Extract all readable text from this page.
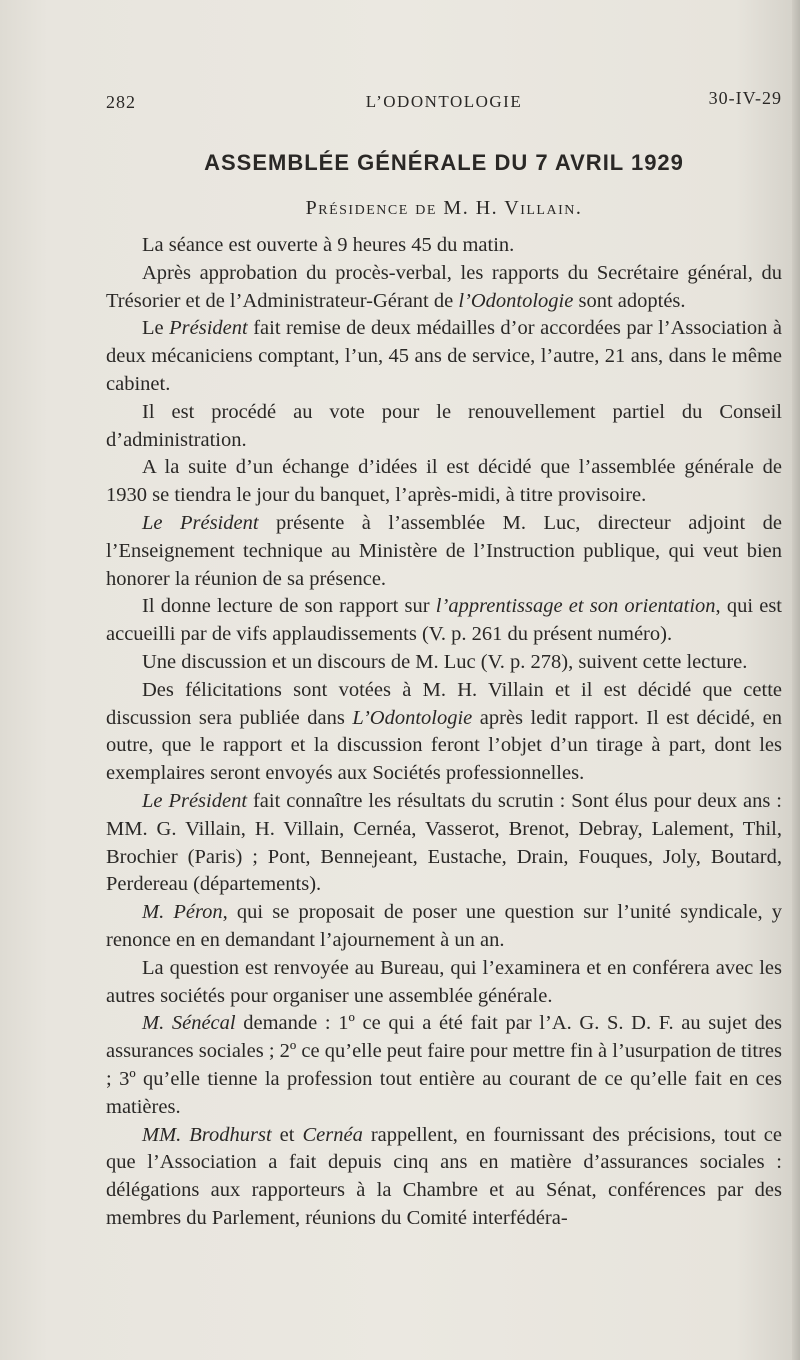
282	L’ODONTOLOGIE	30-IV-29
ASSEMBLÉE GÉNÉRALE DU 7 AVRIL 1929
Présidence de M. H. Villain.

La séance est ouverte à 9 heures 45 du matin.

Après approbation du procès-verbal, les rapports du Secrétaire général, du Trésorier et de l’Administrateur-Gérant de l’Odontologie sont adoptés.

Le Président fait remise de deux médailles d’or accordées par l’Association à deux mécaniciens comptant, l’un, 45 ans de service, l’autre, 21 ans, dans le même cabinet.

Il est procédé au vote pour le renouvellement partiel du Conseil d’administration.

A la suite d’un échange d’idées il est décidé que l’assemblée générale de 1930 se tiendra le jour du banquet, l’après-midi, à titre provisoire.

Le Président présente à l’assemblée M. Luc, directeur adjoint de l’Enseignement technique au Ministère de l’Instruction publique, qui veut bien honorer la réunion de sa présence.

Il donne lecture de son rapport sur l’apprentissage et son orientation, qui est accueilli par de vifs applaudissements (V. p. 261 du présent numéro).

Une discussion et un discours de M. Luc (V. p. 278), suivent cette lecture.

Des félicitations sont votées à M. H. Villain et il est décidé que cette discussion sera publiée dans L’Odontologie après ledit rapport. Il est décidé, en outre, que le rapport et la discussion feront l’objet d’un tirage à part, dont les exemplaires seront envoyés aux Sociétés professionnelles.

Le Président fait connaître les résultats du scrutin : Sont élus pour deux ans : MM. G. Villain, H. Villain, Cernéa, Vasserot, Brenot, Debray, Lalement, Thil, Brochier (Paris) ; Pont, Bennejeant, Eustache, Drain, Fouques, Joly, Boutard, Perdereau (départements).

M. Péron, qui se proposait de poser une question sur l’unité syndicale, y renonce en en demandant l’ajournement à un an.

La question est renvoyée au Bureau, qui l’examinera et en conférera avec les autres sociétés pour organiser une assemblée générale.

M. Sénécal demande : 1º ce qui a été fait par l’A. G. S. D. F. au sujet des assurances sociales ; 2º ce qu’elle peut faire pour mettre fin à l’usurpation de titres ; 3º qu’elle tienne la profession tout entière au courant de ce qu’elle fait en ces matières.

MM. Brodhurst et Cernéa rappellent, en fournissant des précisions, tout ce que l’Association a fait depuis cinq ans en matière d’assurances sociales : délégations aux rapporteurs à la Chambre et au Sénat, conférences par des membres du Parlement, réunions du Comité interfédéra-
